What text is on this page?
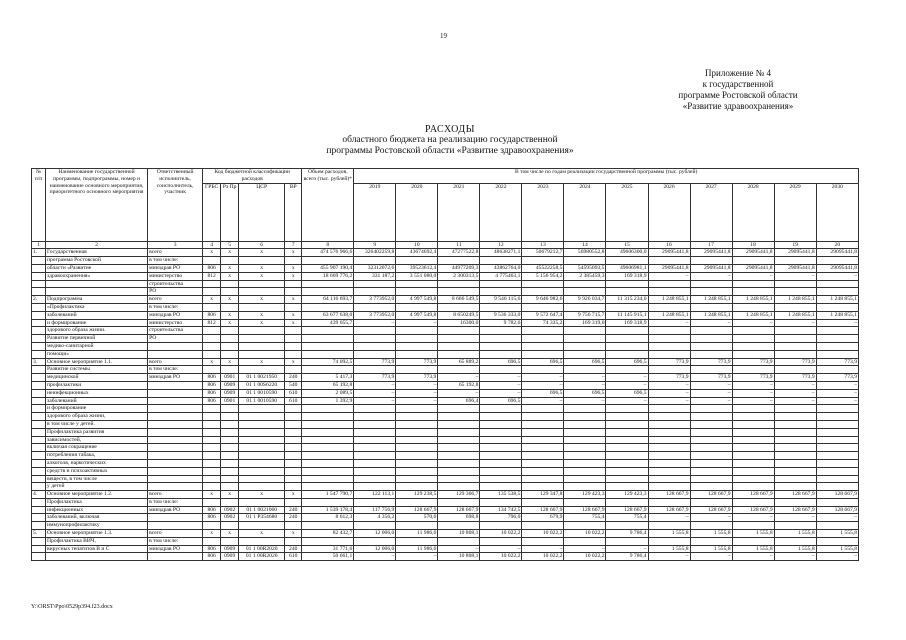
19
Приложение № 4
к государственной
программе Ростовской области
«Развитие здравоохранения»
РАСХОДЫ
областного бюджета на реализацию государственной
программы Ростовской области «Развитие здравоохранения»
№ п/п	Наименование государственной программы, подпрограммы, номер и наименование основного мероприятия, приоритетного основного мероприятия	Ответственный исполнитель, соисполнитель, участник	Код бюджетной классификации расходов				Объем расходов, всего (тыс. рублей)*	В том числе по годам реализации государственной программы (тыс. рублей)											
			ГРБС	Рз Пр	ЦСР	ВР		2019	2020	2021	2022	2023	2024	2025	2026	2027	2028	2029	2030
1	2	3	4	5	6	7	8	9	10	11	12	13	14	15	16	17	18	19	20
1.	Государственная	всего	x	x	x	x	474 576 966,6	326402259,8	43674692,4	47277522,8	48638271,1	50679212,7	56980552,8	49606300,0	29095441,8	29095441,8	29095441,8	29095441,8	29095441,8
	программа Ростовской	в том числе:																	
	области «Развитие	минздрав РО	806	x	x	x	455 907 190,4	32312072,6	39523612,4	44977209,3	43862764,0	45522258,5	54595093,5	49606981,1	29095441,8	29095441,8	29095441,8	29095441,8	29095441,8
	здравоохранения»	министерство	812	x	x	x	18 669 776,2	331 187,2	3 551 080,0	2 300313,5	4 775463,1	5 156 954,2	2 385459,3	169 318,9	–	–	–	–	–
		строительства																	
		РО																	
2.	Подпрограмма	всего	x	x	x	x	64 116 693,7	3 773952,0	4 997 549,8	8 666 549,5	9 546 115,6	9 646 982,6	9 926 034,7	11 315 234,0	1 248 855,1	1 248 855,1	1 248 855,1	1 248 855,1	1 248 855,1
	«Профилактика	в том числе:																	
	заболеваний	минздрав РО	806	x	x	x	63 677 638,0	3 773952,0	4 997 549,8	8 650249,5	9 536 333,0	9 572 647,4	9 756 715,7	11 145 915,1	1 248 855,1	1 248 855,1	1 248 855,1	1 248 855,1	1 248 855,1
	и формирование	министерство	812	x	x	x	439 055,7	–	–	16300,0	9 782,6	74 335,2	169 319,0	169 318,9	–	–	–	–	–
	здорового образа жизни.	строительства																	
	Развитие первичной	РО																	
	медико-санитарной																		
	помощи»																		
3.	Основное мероприятие 1.1.	всего	x	x	x	x	74 092,5	773,9	773,9	65 889,2	696,5	696,5	696,5	696,5	773,9	773,9	773,9	773,9	773,9
	Развитие системы	в том числе:																	
	медицинской	минздрав РО	806	0901	01 1 0021950	240	5 417,3	773,9	773,9	–	–	–	–	–	773,9	773,9	773,9	773,9	773,9
	профилактики		806	0909	01 1 00S6220	540	65 192,8	–	–	65 192,8	–	–	–	–	–	–	–	–	–
	неинфекционных		806	0909	01 1 0010590	610	2 089,5	–	–	–	–	696,5	696,5	696,5	–	–	–	–	–
	заболеваний		806	0901	01 1 0010590	610	1 392,9	–	–	696,4	696,5	–	–	–	–	–	–	–	–
	и формирование																		
	здорового образа жизни,																		
	в том числе у детей.																		
	Профилактика развития																		
	зависимостей,																		
	включая сокращение																		
	потребления табака,																		
	алкоголя, наркотических																		
	средств и психоактивных																		
	веществ, в том числе																		
	у детей																		
4.	Основное мероприятие 1.2.	всего	x	x	x	x	1 547 790,7	122 113,1	129 238,5	129 366,7	135 538,5	129 347,8	129 423,3	129 423,3	128 667,9	128 667,9	128 667,9	128 667,9	128 667,9
	Профилактика	в том числе:																	
	инфекционных	минздрав РО	806	0902	01 1 0021060	240	1 539 178,4	117 756,9	128 667,9	128 667,9	134 742,5	128 667,9	128 667,9	128 667,9	128 667,9	128 667,9	128 667,9	128 667,9	128 667,9
	заболеваний, включая		806	0902	01 1 P354680	240	8 612,3	4 356,2	570,6	698,8	796,0	679,9	755,4	755,4	–	–	–	–	–
	иммунопрофилактику																		
5.	Основное мероприятие 1.3.	всего	x	x	x	x	82 432,7	12 006,0	11 986,6	10 808,1	10 022,2	10 022,2	10 022,2	9 786,4	1 555,8	1 555,8	1 555,8	1 555,8	1 555,8
	Профилактика ВИЧ,	в том числе:																	
	вирусных гепатитов В и С	минздрав РО	806	0909	01 1 00R2020	240	31 771,6	12 006,0	11 986,6	–	–	–	–	–	1 555,8	1 555,8	1 555,8	1 555,8	1 555,8
			806	0909	01 1 00R2020	610	50 661,1	–	–	10 808,1	10 022,2	10 022,2	10 022,2	9 786,4	–	–	–	–	–
Y:\ORST\Ppo\0529p394.f23.docx
